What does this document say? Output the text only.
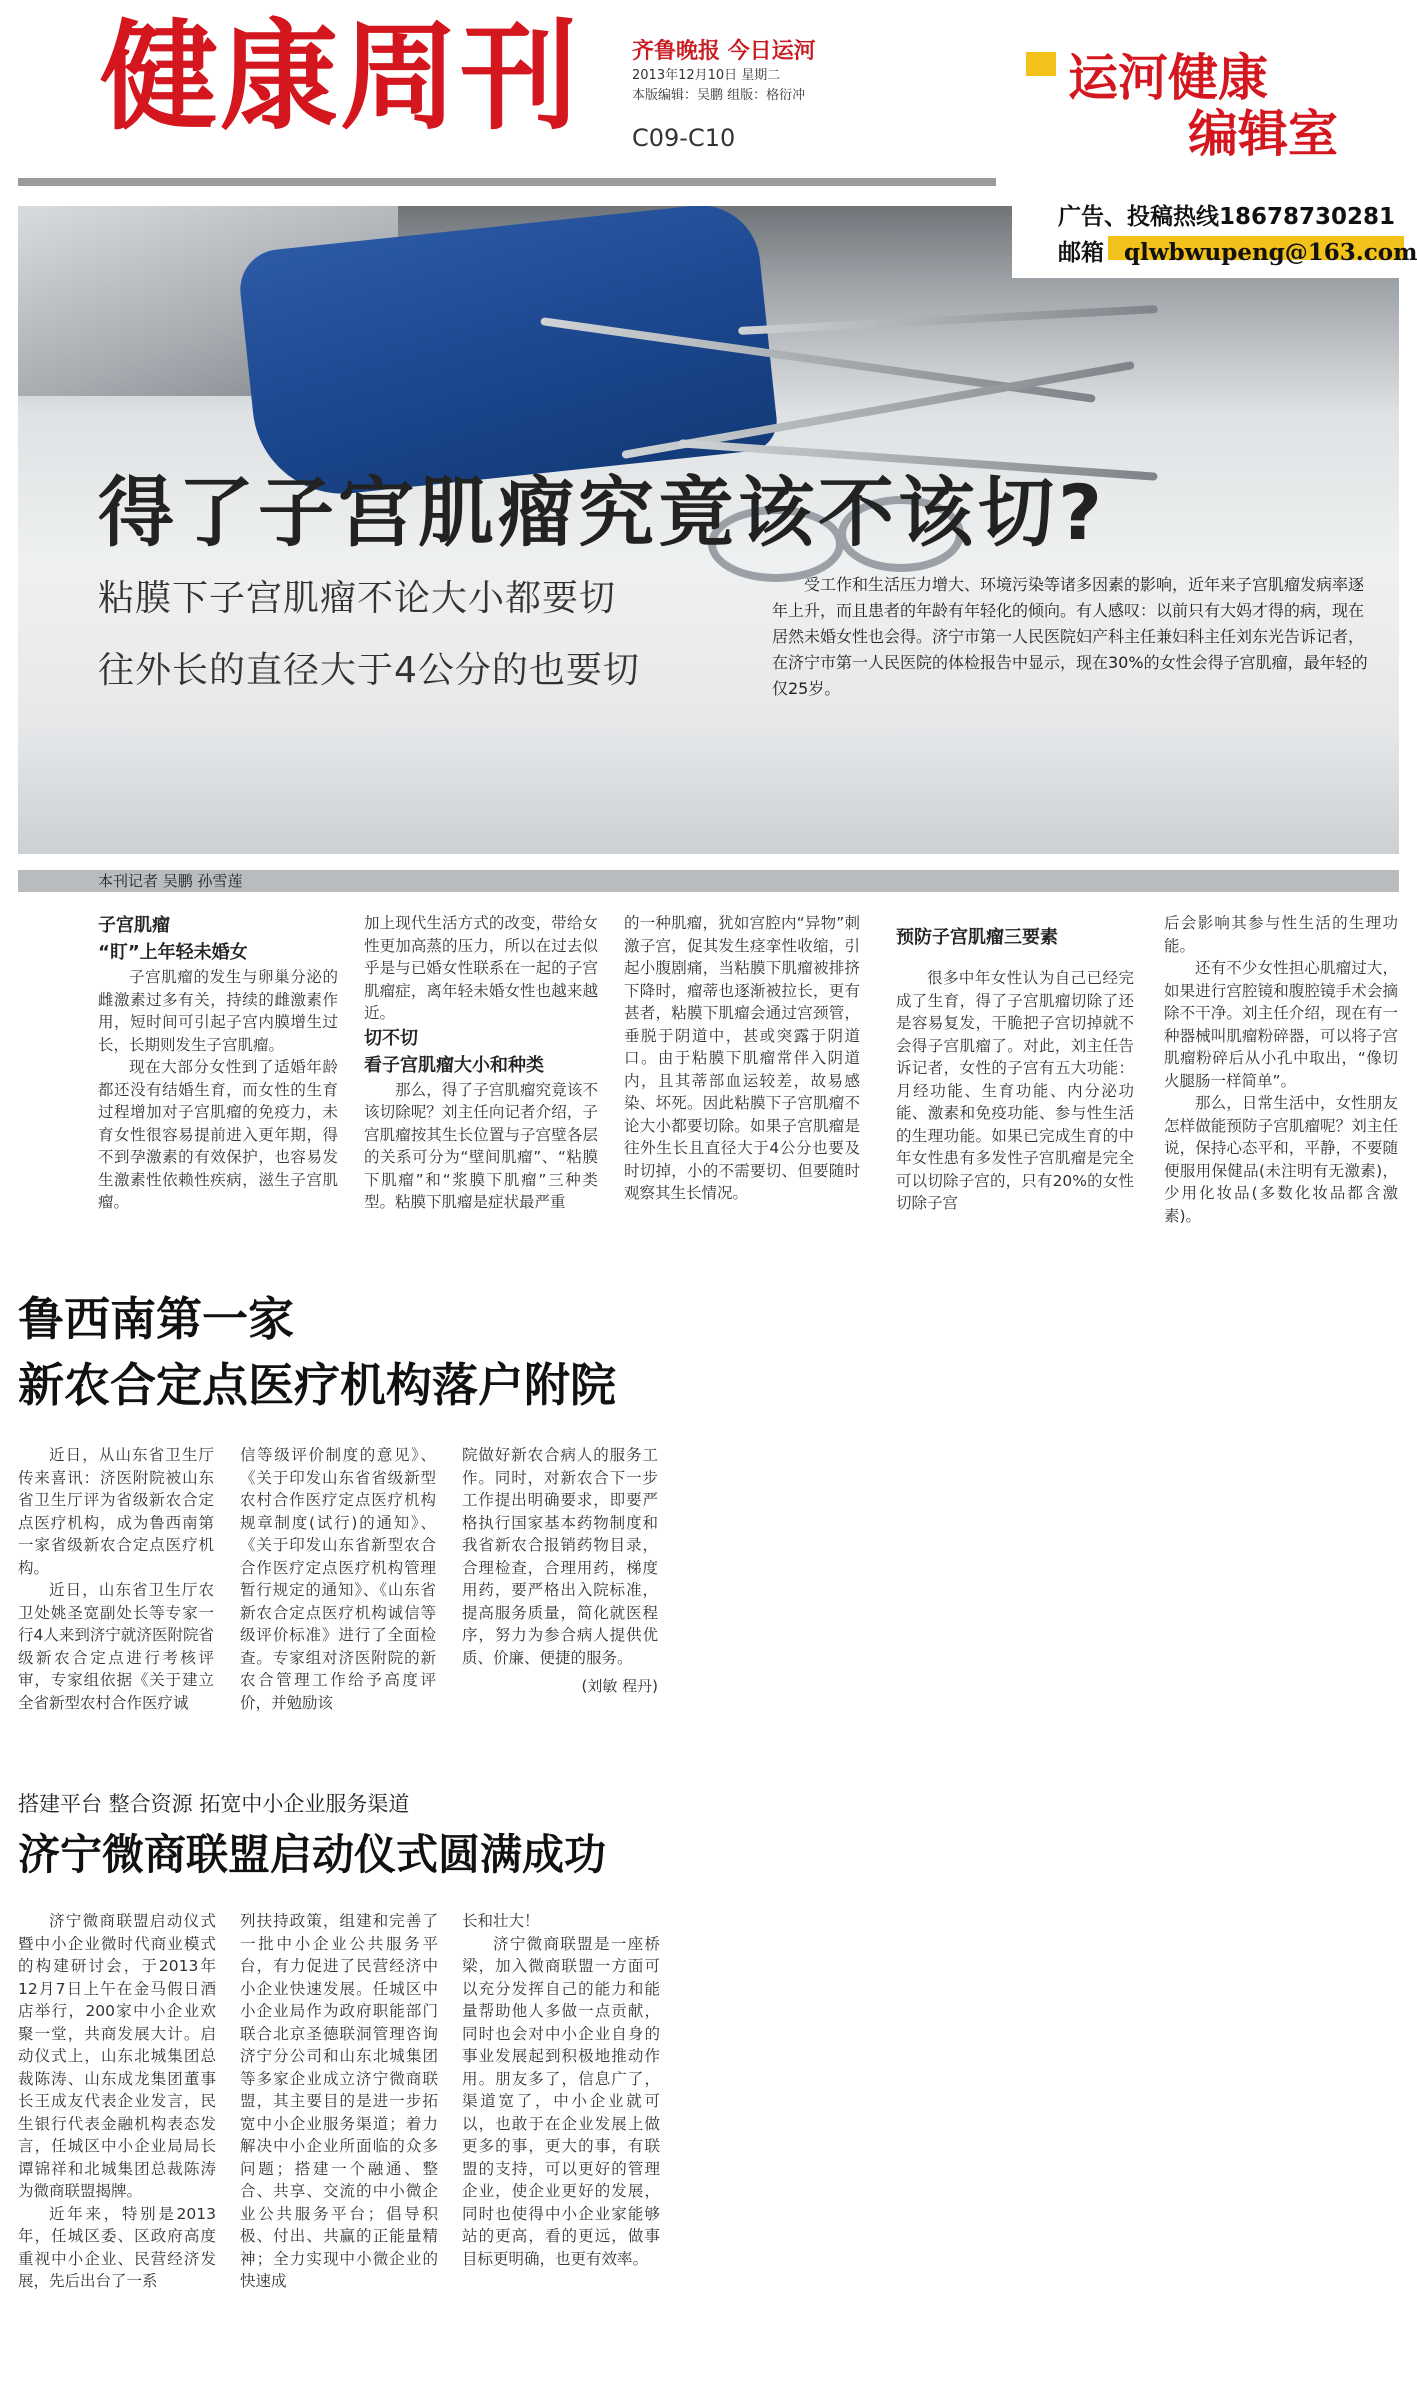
健康周刊 齐鲁晚报 今日运河
2013年12月10日 星期二
本版编辑：吴鹏 组版：格衍冲
C09-C10
运河健康
编辑室
广告、投稿热线18678730281
邮箱 qlwbwupeng@163.com
得了子宫肌瘤究竟该不该切?
粘膜下子宫肌瘤不论大小都要切
往外长的直径大于4公分的也要切
受工作和生活压力增大、环境污染等诸多因素的影响，近年来子宫肌瘤发病率逐年上升，而且患者的年龄有年轻化的倾向。有人感叹：以前只有大妈才得的病，现在居然未婚女性也会得。济宁市第一人民医院妇产科主任兼妇科主任刘东光告诉记者，在济宁市第一人民医院的体检报告中显示，现在30%的女性会得子宫肌瘤，最年轻的仅25岁。
本刊记者 吴鹏 孙雪莲
子宫肌瘤
“盯”上年轻未婚女

子宫肌瘤的发生与卵巢分泌的雌激素过多有关，持续的雌激素作用，短时间可引起子宫内膜增生过长，长期则发生子宫肌瘤。

现在大部分女性到了适婚年龄都还没有结婚生育，而女性的生育过程增加对子宫肌瘤的免疫力，未育女性很容易提前进入更年期，得不到孕激素的有效保护，也容易发生激素性依赖性疾病，滋生子宫肌瘤。

加上现代生活方式的改变，带给女性更加高蒸的压力，所以在过去似乎是与已婚女性联系在一起的子宫肌瘤症，离年轻未婚女性也越来越近。

切不切
看子宫肌瘤大小和种类

那么，得了子宫肌瘤究竟该不该切除呢？刘主任向记者介绍，子宫肌瘤按其生长位置与子宫壁各层的关系可分为“壁间肌瘤”、“粘膜下肌瘤”和“浆膜下肌瘤”三种类型。粘膜下肌瘤是症状最严重

的一种肌瘤，犹如宫腔内“异物”刺激子宫，促其发生痉挛性收缩，引起小腹剧痛，当粘膜下肌瘤被排挤下降时，瘤蒂也逐渐被拉长，更有甚者，粘膜下肌瘤会通过宫颈管，垂脱于阴道中，甚或突露于阴道口。由于粘膜下肌瘤常伴入阴道内，且其蒂部血运较差，故易感染、坏死。因此粘膜下子宫肌瘤不论大小都要切除。如果子宫肌瘤是往外生长且直径大于4公分也要及时切掉，小的不需要切、但要随时观察其生长情况。

预防子宫肌瘤三要素

很多中年女性认为自己已经完成了生育，得了子宫肌瘤切除了还是容易复发，干脆把子宫切掉就不会得子宫肌瘤了。对此，刘主任告诉记者，女性的子宫有五大功能：月经功能、生育功能、内分泌功能、激素和免疫功能、参与性生活的生理功能。如果已完成生育的中年女性患有多发性子宫肌瘤是完全可以切除子宫的，只有20%的女性切除子宫

后会影响其参与性生活的生理功能。

还有不少女性担心肌瘤过大，如果进行宫腔镜和腹腔镜手术会摘除不干净。刘主任介绍，现在有一种器械叫肌瘤粉碎器，可以将子宫肌瘤粉碎后从小孔中取出，“像切火腿肠一样简单”。

那么，日常生活中，女性朋友怎样做能预防子宫肌瘤呢？刘主任说，保持心态平和，平静，不要随便服用保健品(未注明有无激素)，少用化妆品(多数化妆品都含激素)。

鲁西南第一家
新农合定点医疗机构落户附院

近日，从山东省卫生厅传来喜讯：济医附院被山东省卫生厅评为省级新农合定点医疗机构，成为鲁西南第一家省级新农合定点医疗机构。

近日，山东省卫生厅农卫处姚圣宽副处长等专家一行4人来到济宁就济医附院省级新农合定点进行考核评审，专家组依据《关于建立全省新型农村合作医疗诚

信等级评价制度的意见》、《关于印发山东省省级新型农村合作医疗定点医疗机构规章制度(试行)的通知》、《关于印发山东省新型农合合作医疗定点医疗机构管理暂行规定的通知》、《山东省新农合定点医疗机构诚信等级评价标准》进行了全面检查。专家组对济医附院的新农合管理工作给予高度评价，并勉励该

院做好新农合病人的服务工作。同时，对新农合下一步工作提出明确要求，即要严格执行国家基本药物制度和我省新农合报销药物目录，合理检查，合理用药，梯度用药，要严格出入院标准，提高服务质量，简化就医程序，努力为参合病人提供优质、价廉、便捷的服务。

(刘敏 程丹)
搭建平台 整合资源 拓宽中小企业服务渠道
济宁微商联盟启动仪式圆满成功

济宁微商联盟启动仪式暨中小企业微时代商业模式的构建研讨会，于2013年12月7日上午在金马假日酒店举行，200家中小企业欢聚一堂，共商发展大计。启动仪式上，山东北城集团总裁陈涛、山东成龙集团董事长王成友代表企业发言，民生银行代表金融机构表态发言，任城区中小企业局局长谭锦祥和北城集团总裁陈涛为微商联盟揭牌。

近年来，特别是2013年，任城区委、区政府高度重视中小企业、民营经济发展，先后出台了一系

列扶持政策，组建和完善了一批中小企业公共服务平台，有力促进了民营经济中小企业快速发展。任城区中小企业局作为政府职能部门联合北京圣德联洞管理咨询济宁分公司和山东北城集团等多家企业成立济宁微商联盟，其主要目的是进一步拓宽中小企业服务渠道；着力解决中小企业所面临的众多问题；搭建一个融通、整合、共享、交流的中小微企业公共服务平台；倡导积极、付出、共赢的正能量精神；全力实现中小微企业的快速成

长和壮大！

济宁微商联盟是一座桥梁，加入微商联盟一方面可以充分发挥自己的能力和能量帮助他人多做一点贡献，同时也会对中小企业自身的事业发展起到积极地推动作用。朋友多了，信息广了，渠道宽了，中小企业就可以，也敢于在企业发展上做更多的事，更大的事，有联盟的支持，可以更好的管理企业，使企业更好的发展，同时也使得中小企业家能够站的更高，看的更远，做事目标更明确，也更有效率。
